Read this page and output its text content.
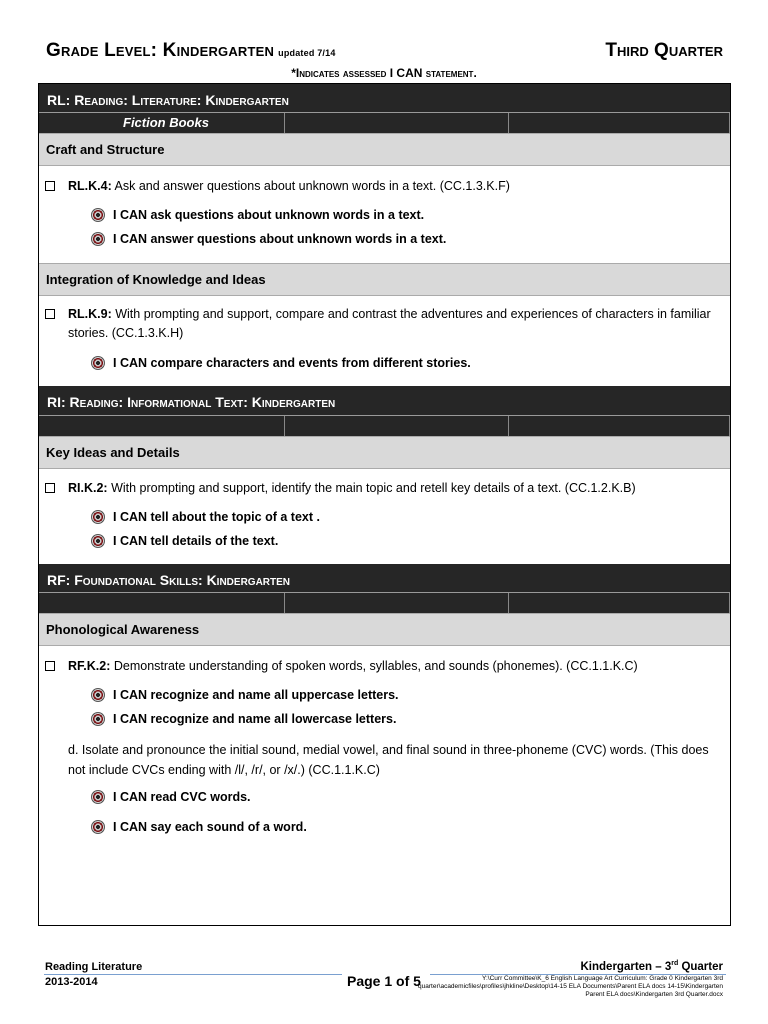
Grade Level: Kindergarten updated 7/14	Third Quarter
*Indicates assessed I CAN statement.
RL: Reading: Literature: Kindergarten
Fiction Books
Craft and Structure
RL.K.4: Ask and answer questions about unknown words in a text. (CC.1.3.K.F)
I CAN ask questions about unknown words in a text.
I CAN answer questions about unknown words in a text.
Integration of Knowledge and Ideas
RL.K.9: With prompting and support, compare and contrast the adventures and experiences of characters in familiar stories. (CC.1.3.K.H)
I CAN compare characters and events from different stories.
RI: Reading: Informational Text: Kindergarten
Key Ideas and Details
RI.K.2: With prompting and support, identify the main topic and retell key details of a text. (CC.1.2.K.B)
I CAN tell about the topic of a text .
I CAN tell details of the text.
RF: Foundational Skills: Kindergarten
Phonological Awareness
RF.K.2: Demonstrate understanding of spoken words, syllables, and sounds (phonemes). (CC.1.1.K.C)
I CAN recognize and name all uppercase letters.
I CAN recognize and name all lowercase letters.
d. Isolate and pronounce the initial sound, medial vowel, and final sound in three-phoneme (CVC) words. (This does not include CVCs ending with /l/, /r/, or /x/.) (CC.1.1.K.C)
I CAN read CVC words.
I CAN say each sound of a word.
Reading Literature
2013-2014	Page 1 of 5
Kindergarten – 3rd Quarter
Y:\Curr Committee\K_6 English Language Art Curriculum: Grade 0 Kindergarten 3rd quarter\academicfiles\profiles\jhkline\Desktop\14-15 ELA Documents\Parent ELA docs 14-15\Kindergarten Parent ELA docs\Kindergarten 3rd Quarter.docx
